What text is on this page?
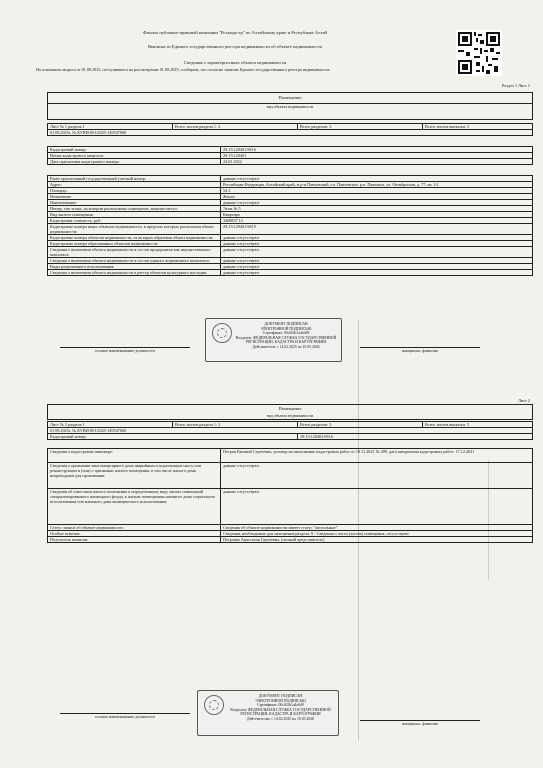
Филиал публично-правовой компании "Роскадастр" по Алтайскому краю и Республике Алтай
Выписка из Единого государственного реестра недвижимости об объекте недвижимости
Сведения о характеристиках объекта недвижимости
На основании запроса от 01.08.2025, поступившего на рассмотрение 01.08.2025, сообщаем, что согласно записям Единого государственного реестра недвижимости:
Раздел 1 Лист 1
Помещение
вид объекта недвижимости
Лист № 1 раздела 1	Всего листов раздела 1: 2	Всего разделов: 3	Всего листов выписки: 5
01.08.2025г. № КУВИ-001/2025-149547600
Кадастровый номер:	29:15:120401:9616
Номер кадастрового квартала:	29:15:120401
Дата присвоения кадастрового номера:	24.01.2022
Ранее присвоенный государственный учетный номер:	данные отсутствуют
Адрес:	Российская Федерация, Алтайский край, м.р-н Павловский, г.п. Павловское, р.п. Павловск, ул. Октябрьская, д. 77, кв. 14
Площадь:	54.3
Назначение:	Жилое
Наименование:	данные отсутствуют
Номер, тип этажа, на котором расположено помещение, машино-место:	Этаж № 5
Вид жилого помещения:	Квартира
Кадастровая стоимость, руб.:	3469837.12
Кадастровые номера иных объектов недвижимости, в пределах которых расположен объект недвижимости:	29:15:120401:9619
Кадастровые номера объектов недвижимости, из которых образован объект недвижимости:	данные отсутствуют
Кадастровые номера образованных объектов недвижимости:	данные отсутствуют
Сведения о включении объекта недвижимости в состав предприятия как имущественного комплекса:	данные отсутствуют
Сведения о включении объекта недвижимости в состав единого недвижимого комплекса:	данные отсутствуют
Виды разрешенного использования:	данные отсутствуют
Сведения о включении объекта недвижимости в реестр объектов культурного наследия:	данные отсутствуют
ДОКУМЕНТ ПОДПИСАН
ЭЛЕКТРОННОЙ ПОДПИСЬЮ
Сертификат: 00c8f2b1a4e0d9
Владелец: ФЕДЕРАЛЬНАЯ СЛУЖБА ГОСУДАРСТВЕННОЙ
РЕГИСТРАЦИИ, КАДАСТРА И КАРТОГРАФИИ
Действителен: с 14.02.2025 по 10.05.2026
полное наименование должности	инициалы, фамилия
Лист 2
Помещение
вид объекта недвижимости
Лист № 2 раздела 1	Всего листов раздела 1: 2	Всего разделов: 3	Всего листов выписки: 5
01.08.2025г. № КУВИ-001/2025-149547600			
Кадастровый номер:		29:15:120401:9616	
Сведения о кадастровом инженере:	Петров Евгений Сергеевич, договор на выполнение кадастровых работ от 18.11.2021 № 289, дата завершения кадастровых работ: 17.12.2021
Сведения о признании многоквартирного дома аварийным и подлежащим сносу или реконструкции и (или) о признании жилого помещения, в том числе жилого дома, непригодным для проживания:	данные отсутствуют
Сведения об отнесении жилого помещения к определенному виду жилых помещений специализированного жилищного фонда, к жилым помещениям наемного дома социального использования или наемного дома коммерческого использования:	данные отсутствуют
Статус записи об объекте недвижимости:	Сведения об объекте недвижимости имеют статус "актуальные"
Особые отметки:	Сведения, необходимые для заполнения раздела: 9 - Сведения о части (частях) помещения, отсутствуют.
Получатель выписки:	Петренко Анастасия Сергеевна, (полный представитель)
ДОКУМЕНТ ПОДПИСАН
ЭЛЕКТРОННОЙ ПОДПИСЬЮ
Сертификат: 00c8f2b1a4e0d9
Владелец: ФЕДЕРАЛЬНАЯ СЛУЖБА ГОСУДАРСТВЕННОЙ
РЕГИСТРАЦИИ, КАДАСТРА И КАРТОГРАФИИ
Действителен: с 14.02.2025 по 10.05.2026
полное наименование должности
инициалы, фамилия
